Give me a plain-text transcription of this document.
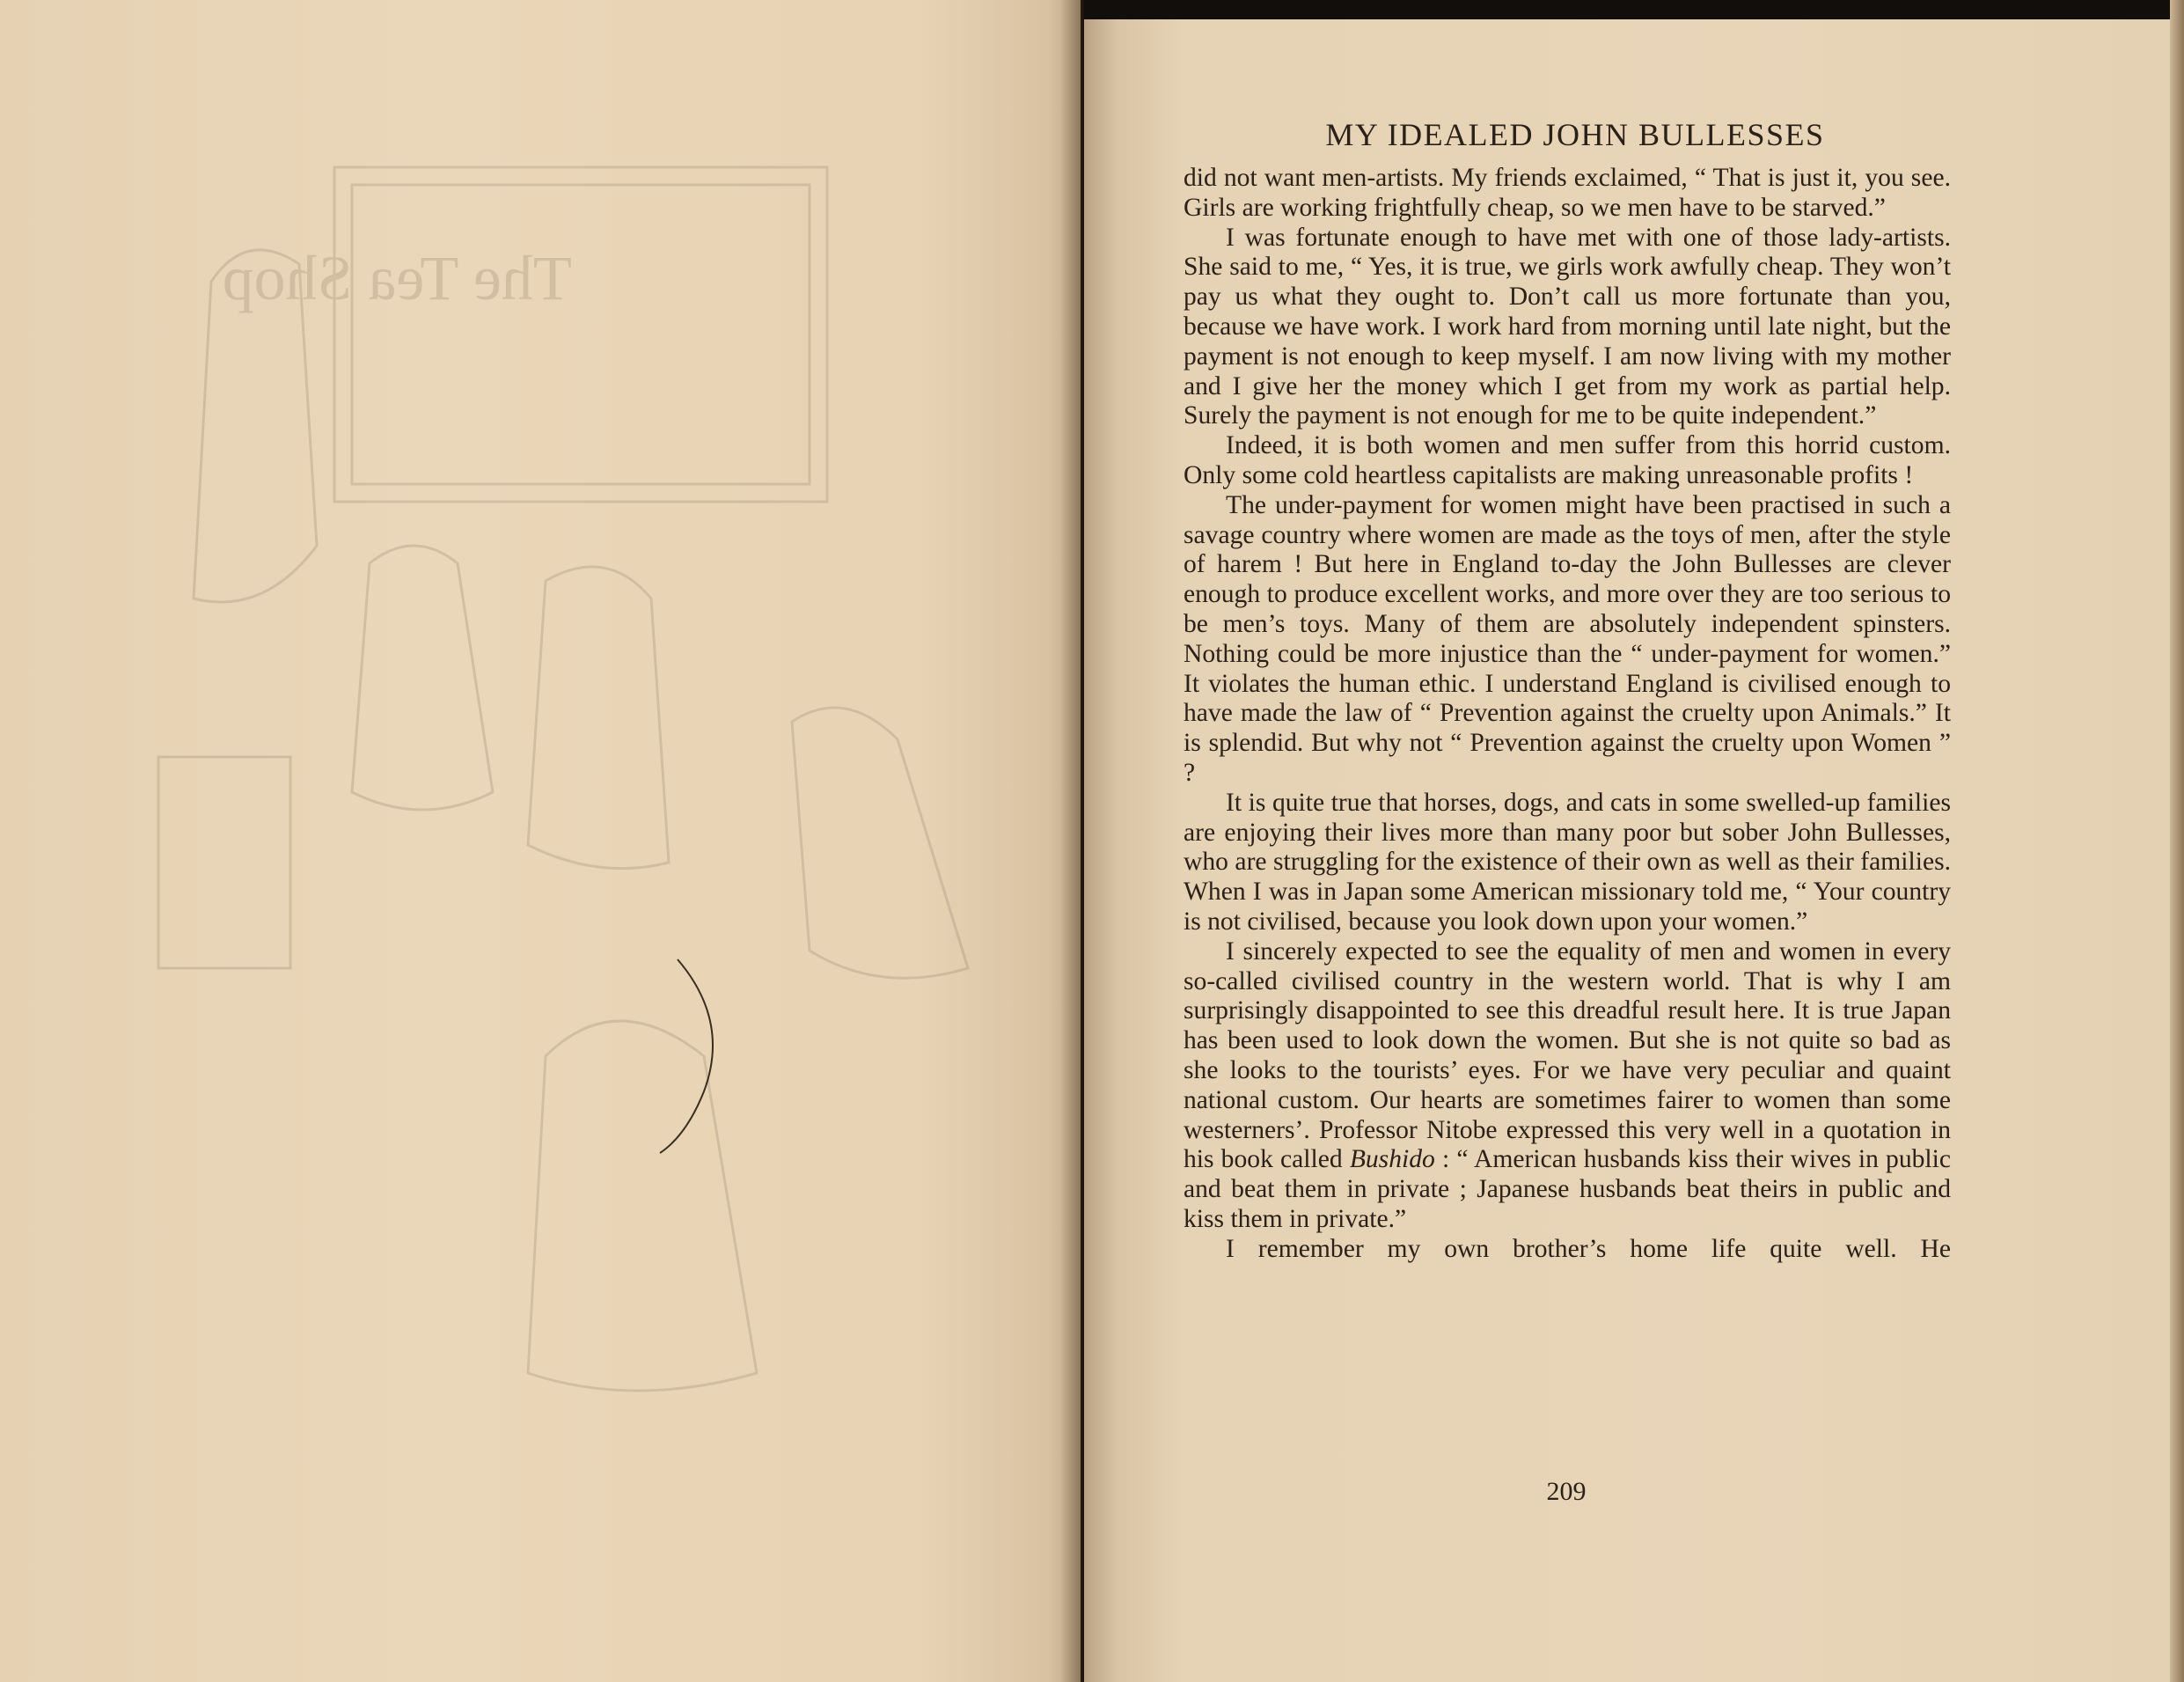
The Tea Shop
MY IDEALED JOHN BULLESSES

did not want men-artists. My friends exclaimed, “ That is just it, you see. Girls are working frightfully cheap, so we men have to be starved.”

I was fortunate enough to have met with one of those lady-artists. She said to me, “ Yes, it is true, we girls work awfully cheap. They won’t pay us what they ought to. Don’t call us more fortunate than you, because we have work. I work hard from morning until late night, but the payment is not enough to keep myself. I am now living with my mother and I give her the money which I get from my work as partial help. Surely the payment is not enough for me to be quite independent.”

Indeed, it is both women and men suffer from this horrid custom. Only some cold heartless capitalists are making unreasonable profits !

The under-payment for women might have been practised in such a savage country where women are made as the toys of men, after the style of harem ! But here in England to-day the John Bullesses are clever enough to produce excellent works, and more over they are too serious to be men’s toys. Many of them are absolutely independent spinsters. Nothing could be more injustice than the “ under-payment for women.” It violates the human ethic. I understand England is civilised enough to have made the law of “ Prevention against the cruelty upon Animals.” It is splendid. But why not “ Prevention against the cruelty upon Women ” ?

It is quite true that horses, dogs, and cats in some swelled-up families are enjoying their lives more than many poor but sober John Bullesses, who are struggling for the existence of their own as well as their families. When I was in Japan some American missionary told me, “ Your country is not civilised, because you look down upon your women.”

I sincerely expected to see the equality of men and women in every so-called civilised country in the western world. That is why I am surprisingly disappointed to see this dreadful result here. It is true Japan has been used to look down the women. But she is not quite so bad as she looks to the tourists’ eyes. For we have very peculiar and quaint national custom. Our hearts are sometimes fairer to women than some westerners’. Professor Nitobe expressed this very well in a quotation in his book called Bushido : “ American husbands kiss their wives in public and beat them in private ; Japanese husbands beat theirs in public and kiss them in private.”

I remember my own brother’s home life quite well. He

209
